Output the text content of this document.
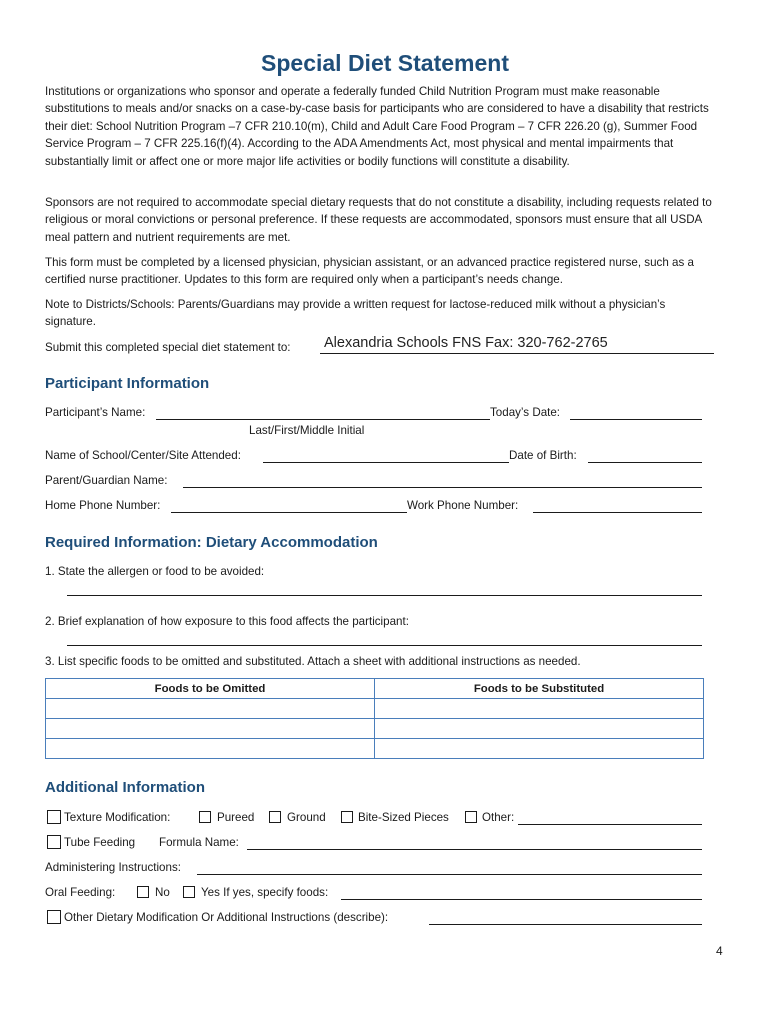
Special Diet Statement

Institutions or organizations who sponsor and operate a federally funded Child Nutrition Program must make reasonable substitutions to meals and/or snacks on a case-by-case basis for participants who are considered to have a disability that restricts their diet: School Nutrition Program –7 CFR 210.10(m), Child and Adult Care Food Program – 7 CFR 226.20 (g), Summer Food Service Program – 7 CFR 225.16(f)(4). According to the ADA Amendments Act, most physical and mental impairments that substantially limit or affect one or more major life activities or bodily functions will constitute a disability.

Sponsors are not required to accommodate special dietary requests that do not constitute a disability, including requests related to religious or moral convictions or personal preference. If these requests are accommodated, sponsors must ensure that all USDA meal pattern and nutrient requirements are met.

This form must be completed by a licensed physician, physician assistant, or an advanced practice registered nurse, such as a certified nurse practitioner. Updates to this form are required only when a participant’s needs change.

Note to Districts/Schools: Parents/Guardians may provide a written request for lactose-reduced milk without a physician’s signature.

Submit this completed special diet statement to: Alexandria Schools FNS Fax: 320-762-2765
Participant Information
Participant’s Name:	Today’s Date:
Last/First/Middle Initial
Name of School/Center/Site Attended:	Date of Birth:
Parent/Guardian Name:
Home Phone Number:	Work Phone Number:
Required Information: Dietary Accommodation
1. State the allergen or food to be avoided:
2. Brief explanation of how exposure to this food affects the participant:
3. List specific foods to be omitted and substituted. Attach a sheet with additional instructions as needed.
Foods to be Omitted	Foods to be Substituted

Additional Information
Texture Modification:	Pureed	Ground	Bite-Sized Pieces	Other:
Tube Feeding Formula Name:
Administering Instructions:
Oral Feeding:	No	Yes If yes, specify foods:
Other Dietary Modification Or Additional Instructions (describe):
4
